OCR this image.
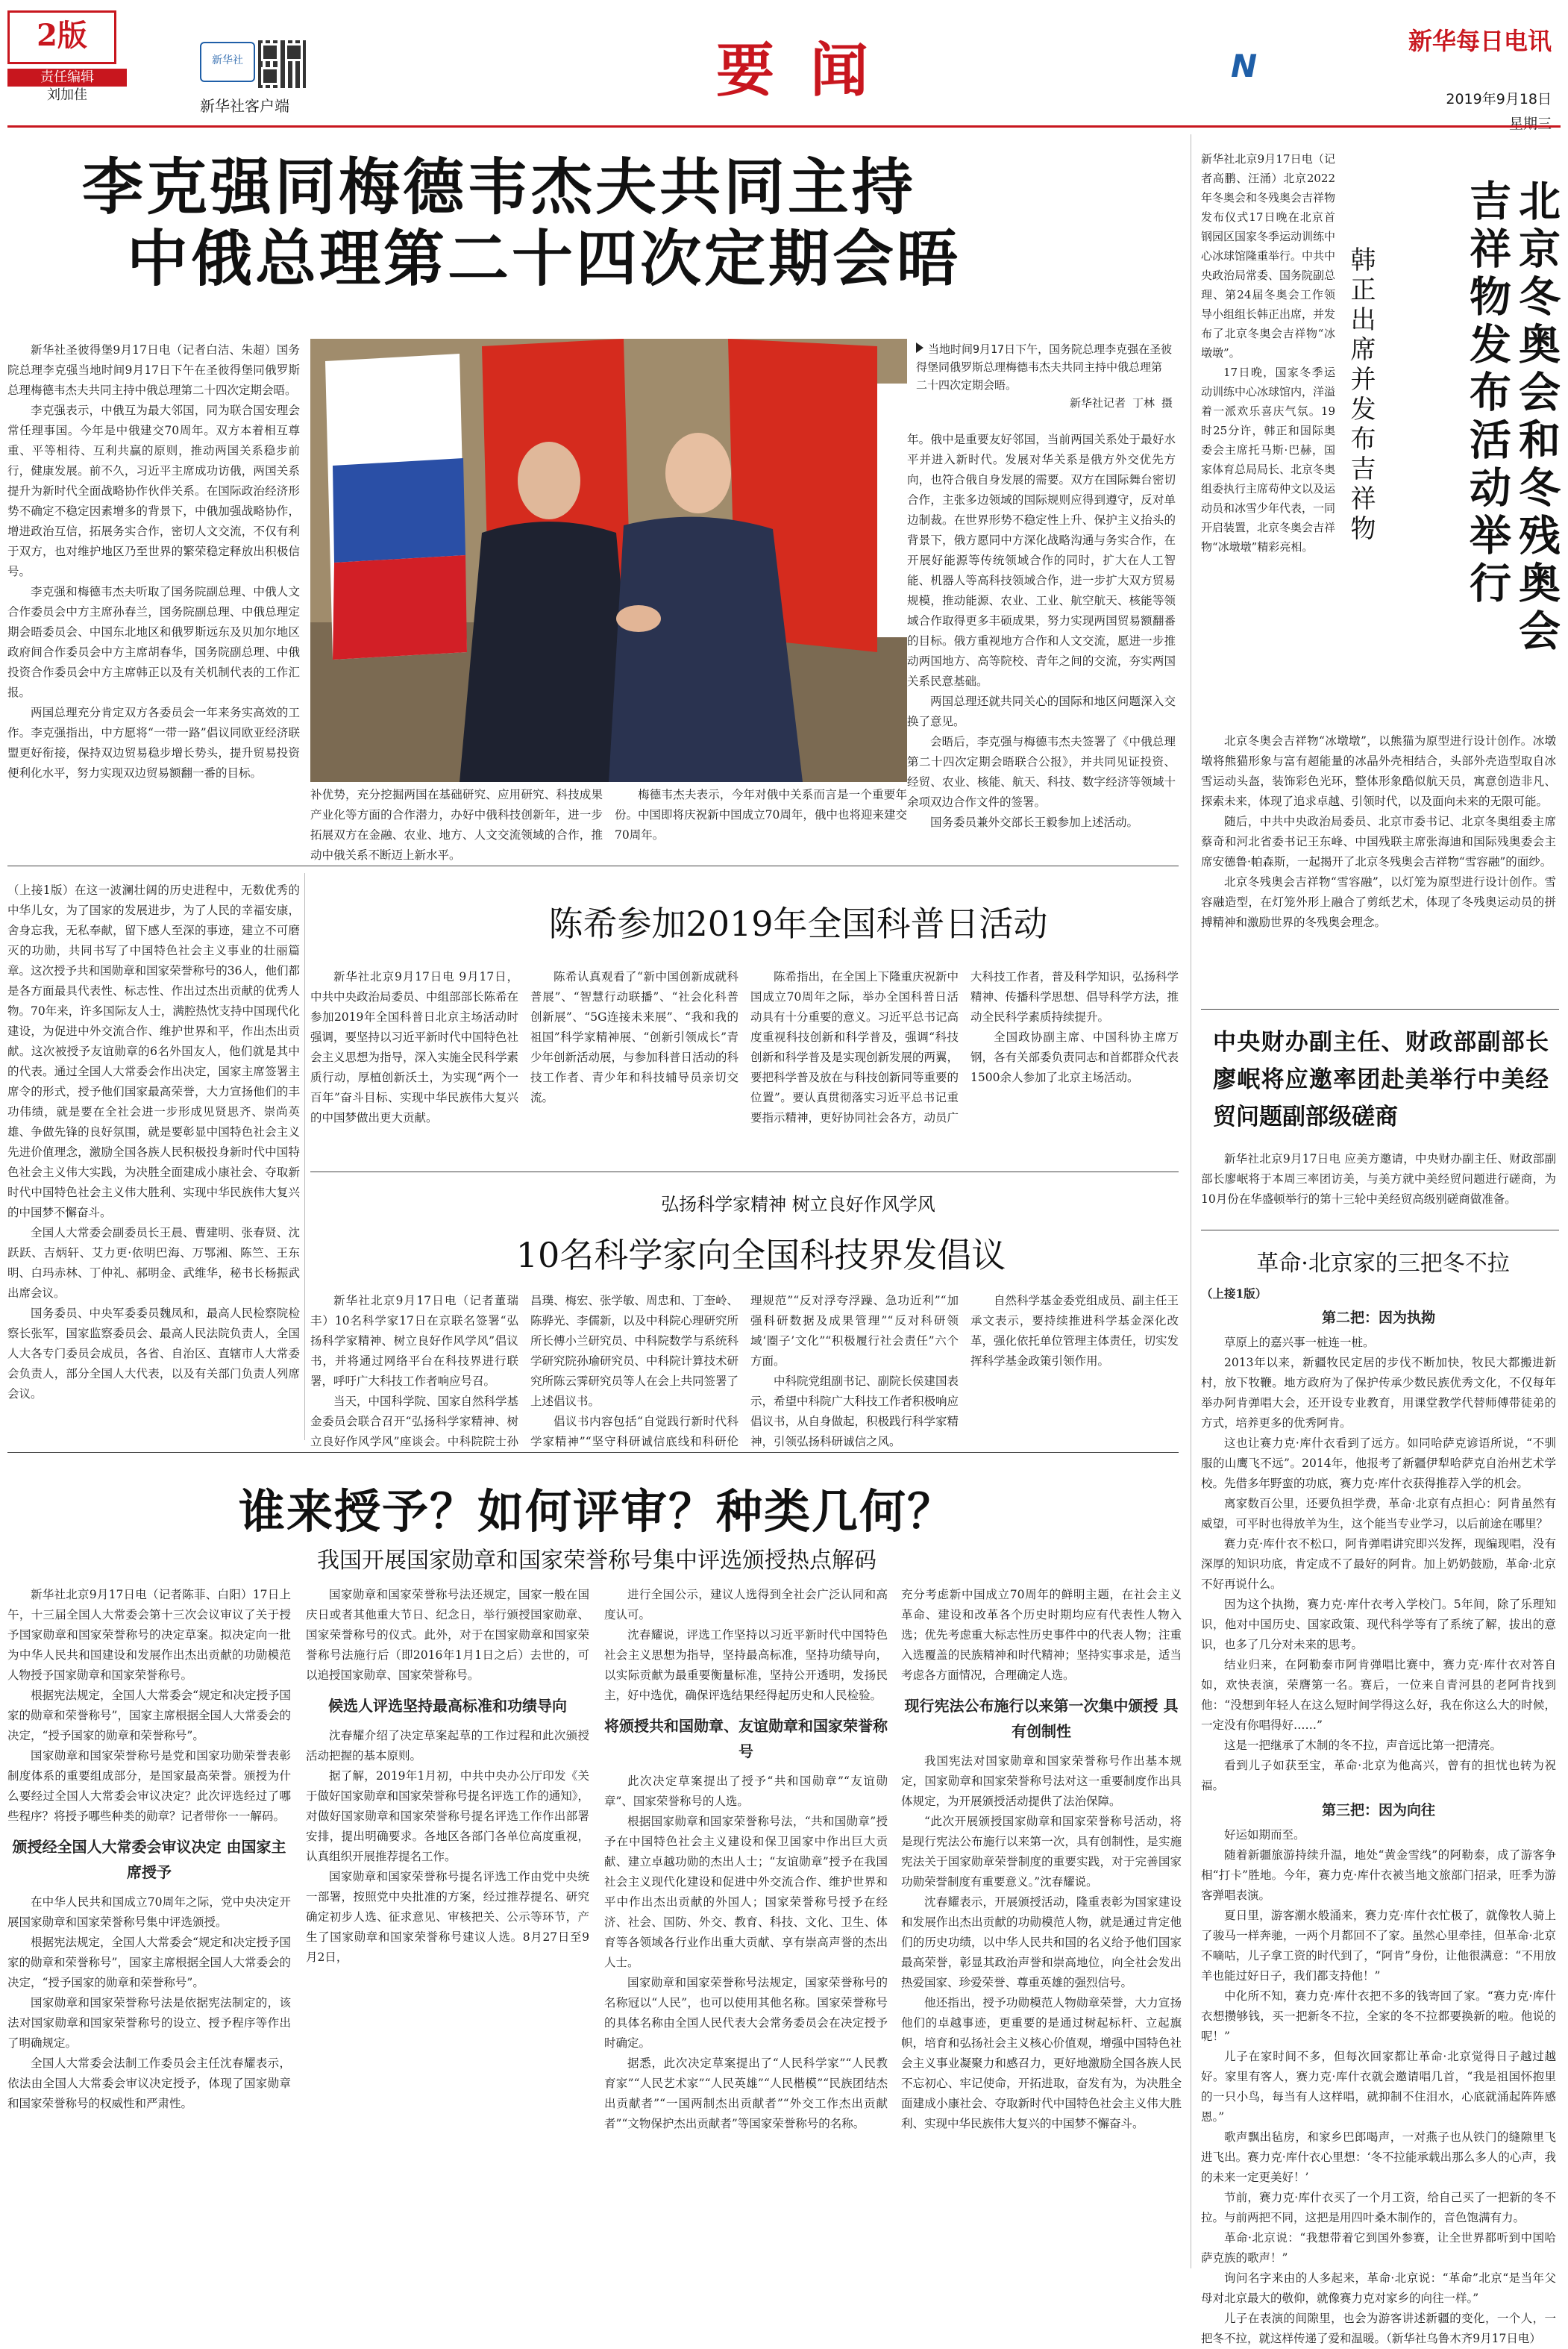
2版
责任编辑
刘加佳
新华社
新华社客户端
要闻	N
新华每日电讯
2019年9月18日
星期三
李克强同梅德韦杰夫共同主持
中俄总理第二十四次定期会晤
当地时间9月17日下午，国务院总理李克强在圣彼得堡同俄罗斯总理梅德韦杰夫共同主持中俄总理第二十四次定期会晤。
新华社记者 丁林 摄

新华社圣彼得堡9月17日电（记者白洁、朱超）国务院总理李克强当地时间9月17日下午在圣彼得堡同俄罗斯总理梅德韦杰夫共同主持中俄总理第二十四次定期会晤。

李克强表示，中俄互为最大邻国，同为联合国安理会常任理事国。今年是中俄建交70周年。双方本着相互尊重、平等相待、互利共赢的原则，推动两国关系稳步前行，健康发展。前不久，习近平主席成功访俄，两国关系提升为新时代全面战略协作伙伴关系。在国际政治经济形势不确定不稳定因素增多的背景下，中俄加强战略协作，增进政治互信，拓展务实合作，密切人文交流，不仅有利于双方，也对维护地区乃至世界的繁荣稳定释放出积极信号。

李克强和梅德韦杰夫听取了国务院副总理、中俄人文合作委员会中方主席孙春兰，国务院副总理、中俄总理定期会晤委员会、中国东北地区和俄罗斯远东及贝加尔地区政府间合作委员会中方主席胡春华，国务院副总理、中俄投资合作委员会中方主席韩正以及有关机制代表的工作汇报。

两国总理充分肯定双方各委员会一年来务实高效的工作。李克强指出，中方愿将“一带一路”倡议同欧亚经济联盟更好衔接，保持双边贸易稳步增长势头，提升贸易投资便利化水平，努力实现双边贸易额翻一番的目标。

补优势，充分挖掘两国在基础研究、应用研究、科技成果产业化等方面的合作潜力，办好中俄科技创新年，进一步拓展双方在金融、农业、地方、人文交流领域的合作，推动中俄关系不断迈上新水平。

梅德韦杰夫表示，今年对俄中关系而言是一个重要年份。中国即将庆祝新中国成立70周年，俄中也将迎来建交70周年。

年。俄中是重要友好邻国，当前两国关系处于最好水平并进入新时代。发展对华关系是俄方外交优先方向，也符合俄自身发展的需要。双方在国际舞台密切合作，主张多边领域的国际规则应得到遵守，反对单边制裁。在世界形势不稳定性上升、保护主义抬头的背景下，俄方愿同中方深化战略沟通与务实合作，在开展好能源等传统领域合作的同时，扩大在人工智能、机器人等高科技领域合作，进一步扩大双方贸易规模，推动能源、农业、工业、航空航天、核能等领域合作取得更多丰硕成果，努力实现两国贸易额翻番的目标。俄方重视地方合作和人文交流，愿进一步推动两国地方、高等院校、青年之间的交流，夯实两国关系民意基础。

两国总理还就共同关心的国际和地区问题深入交换了意见。

会晤后，李克强与梅德韦杰夫签署了《中俄总理第二十四次定期会晤联合公报》，并共同见证投资、经贸、农业、核能、航天、科技、数字经济等领域十余项双边合作文件的签署。

国务委员兼外交部长王毅参加上述活动。

新华社北京9月17日电（记者高鹏、汪涌）北京2022年冬奥会和冬残奥会吉祥物发布仪式17日晚在北京首钢园区国家冬季运动训练中心冰球馆隆重举行。中共中央政治局常委、国务院副总理、第24届冬奥会工作领导小组组长韩正出席，并发布了北京冬奥会吉祥物“冰墩墩”。

17日晚，国家冬季运动训练中心冰球馆内，洋溢着一派欢乐喜庆气氛。19时25分许，韩正和国际奥委会主席托马斯·巴赫，国家体育总局局长、北京冬奥组委执行主席苟仲文以及运动员和冰雪少年代表，一同开启装置，北京冬奥会吉祥物“冰墩墩”精彩亮相。	北京冬奥会和冬残奥会吉祥物发布活动举行
韩正出席并发布吉祥物

北京冬奥会吉祥物“冰墩墩”，以熊猫为原型进行设计创作。冰墩墩将熊猫形象与富有超能量的冰晶外壳相结合，头部外壳造型取自冰雪运动头盔，装饰彩色光环，整体形象酷似航天员，寓意创造非凡、探索未来，体现了追求卓越、引领时代，以及面向未来的无限可能。

随后，中共中央政治局委员、北京市委书记、北京冬奥组委主席蔡奇和河北省委书记王东峰、中国残联主席张海迪和国际残奥委会主席安德鲁·帕森斯，一起揭开了北京冬残奥会吉祥物“雪容融”的面纱。

北京冬残奥会吉祥物“雪容融”，以灯笼为原型进行设计创作。雪容融造型，在灯笼外形上融合了剪纸艺术，体现了冬残奥运动员的拼搏精神和激励世界的冬残奥会理念。

中央财办副主任、财政部副部长廖岷将应邀率团赴美举行中美经贸问题副部级磋商

新华社北京9月17日电 应美方邀请，中央财办副主任、财政部副部长廖岷将于本周三率团访美，与美方就中美经贸问题进行磋商，为10月份在华盛顿举行的第十三轮中美经贸高级别磋商做准备。

陈希参加2019年全国科普日活动

新华社北京9月17日电 9月17日，中共中央政治局委员、中组部部长陈希在参加2019年全国科普日北京主场活动时强调，要坚持以习近平新时代中国特色社会主义思想为指导，深入实施全民科学素质行动，厚植创新沃土，为实现“两个一百年”奋斗目标、实现中华民族伟大复兴的中国梦做出更大贡献。

陈希认真观看了“新中国创新成就科普展”、“智慧行动联播”、“社会化科普创新展”、“5G连接未来展”、“我和我的祖国”科学家精神展、“创新引领成长”青少年创新活动展，与参加科普日活动的科技工作者、青少年和科技辅导员亲切交流。

陈希指出，在全国上下隆重庆祝新中国成立70周年之际，举办全国科普日活动具有十分重要的意义。习近平总书记高度重视科技创新和科学普及，强调“科技创新和科学普及是实现创新发展的两翼，要把科学普及放在与科技创新同等重要的位置”。要认真贯彻落实习近平总书记重要指示精神，更好协同社会各方，动员广大科技工作者，普及科学知识，弘扬科学精神、传播科学思想、倡导科学方法，推动全民科学素质持续提升。

全国政协副主席、中国科协主席万钢，各有关部委负责同志和首都群众代表1500余人参加了北京主场活动。

（上接1版）在这一波澜壮阔的历史进程中，无数优秀的中华儿女，为了国家的发展进步，为了人民的幸福安康，舍身忘我，无私奉献，留下感人至深的事迹，建立不可磨灭的功勋，共同书写了中国特色社会主义事业的壮丽篇章。这次授予共和国勋章和国家荣誉称号的36人，他们都是各方面最具代表性、标志性、作出过杰出贡献的优秀人物。70年来，许多国际友人士，满腔热忱支持中国现代化建设，为促进中外交流合作、维护世界和平，作出杰出贡献。这次被授予友谊勋章的6名外国友人，他们就是其中的代表。通过全国人大常委会作出决定，国家主席签署主席令的形式，授予他们国家最高荣誉，大力宣扬他们的丰功伟绩，就是要在全社会进一步形成见贤思齐、崇尚英雄、争做先锋的良好氛围，就是要彰显中国特色社会主义先进价值理念，激励全国各族人民积极投身新时代中国特色社会主义伟大实践，为决胜全面建成小康社会、夺取新时代中国特色社会主义伟大胜利、实现中华民族伟大复兴的中国梦不懈奋斗。

全国人大常委会副委员长王晨、曹建明、张春贤、沈跃跃、吉炳轩、艾力更·依明巴海、万鄂湘、陈竺、王东明、白玛赤林、丁仲礼、郝明金、武维华，秘书长杨振武出席会议。

国务委员、中央军委委员魏凤和，最高人民检察院检察长张军，国家监察委员会、最高人民法院负责人，全国人大各专门委员会成员，各省、自治区、直辖市人大常委会负责人，部分全国人大代表，以及有关部门负责人列席会议。

弘扬科学家精神 树立良好作风学风
10名科学家向全国科技界发倡议

新华社北京9月17日电（记者董瑞丰）10名科学家17日在京联名签署“弘扬科学家精神、树立良好作风学风”倡议书，并将通过网络平台在科技界进行联署，呼吁广大科技工作者响应号召。

当天，中国科学院、国家自然科学基金委员会联合召开“弘扬科学家精神、树立良好作风学风”座谈会。中科院院士孙昌璞、梅宏、张学敏、周忠和、丁奎岭、陈骅光、李儒新，以及中科院心理研究所所长傅小兰研究员、中科院数学与系统科学研究院孙瑜研究员、中科院计算技术研究所陈云霁研究员等人在会上共同签署了上述倡议书。

倡议书内容包括“自觉践行新时代科学家精神”“坚守科研诚信底线和科研伦理规范”“反对浮夸浮躁、急功近利”“加强科研数据及成果管理”“反对科研领域‘圈子’文化”“积极履行社会责任”六个方面。

中科院党组副书记、副院长侯建国表示，希望中科院广大科技工作者积极响应倡议书，从自身做起，积极践行科学家精神，引领弘扬科研诚信之风。

自然科学基金委党组成员、副主任王承文表示，要持续推进科学基金深化改革，强化依托单位管理主体责任，切实发挥科学基金政策引领作用。

革命·北京家的三把冬不拉

（上接1版）

第二把：因为执拗

草原上的嘉兴事一桩连一桩。

2013年以来，新疆牧民定居的步伐不断加快，牧民大都搬进新村，放下牧鞭。地方政府为了保护传承少数民族优秀文化，不仅每年举办阿肯弹唱大会，还开设专业教育，用课堂教学代替师傅带徒弟的方式，培养更多的优秀阿肯。

这也让赛力克·库什衣看到了远方。如同哈萨克谚语所说，“不驯服的山鹰飞不远”。2014年，他报考了新疆伊犁哈萨克自治州艺术学校。先借多年野蛮的功底，赛力克·库什衣获得推荐入学的机会。

离家数百公里，还要负担学费，革命·北京有点担心：阿肯虽然有威望，可平时也得放羊为生，这个能当专业学习，以后前途在哪里？

赛力克·库什衣不松口，阿肯弹唱讲究即兴发挥，现编现唱，没有深厚的知识功底，肯定成不了最好的阿肯。加上奶奶鼓励，革命·北京不好再说什么。

因为这个执拗，赛力克·库什衣考入学校门。5年间，除了乐理知识，他对中国历史、国家政策、现代科学等有了系统了解，拔出的意识，也多了几分对未来的思考。

结业归来，在阿勒泰市阿肯弹唱比赛中，赛力克·库什衣对答自如，欢快表演，荣膺第一名。赛后，一位来自青河县的老阿肯找到他：“没想到年轻人在这么短时间学得这么好，我在你这么大的时候，一定没有你唱得好……”

这是一把继承了木制的冬不拉，声音远比第一把清亮。

看到儿子如获至宝，革命·北京为他高兴，曾有的担忧也转为祝福。

第三把：因为向往

好运如期而至。

随着新疆旅游持续升温，地处“黄金雪线”的阿勒泰，成了游客争相“打卡”胜地。今年，赛力克·库什衣被当地文旅部门招录，旺季为游客弹唱表演。

夏日里，游客潮水般涌来，赛力克·库什衣忙极了，就像牧人骑上了骏马一样奔驰，一两个月都回不了家。虽然心里牵挂，但革命·北京不嘀咕，儿子拿工资的时代到了，“阿肯”身份，让他很满意：“不用放羊也能过好日子，我们都支持他！”

中化所不知，赛力克·库什衣把不多的钱寄回了家。“赛力克·库什衣想攒够钱，买一把新冬不拉，全家的冬不拉都要换新的啦。他说的呢！”

儿子在家时间不多，但每次回家都让革命·北京觉得日子越过越好。家里有客人，赛力克·库什衣就会邀请唱几首，“我是祖国怀抱里的一只小鸟，每当有人这样唱，就抑制不住泪水，心底就涌起阵阵感恩。”

歌声飘出毡房，和家乡巴郎喝声，一对燕子也从铁门的缝隙里飞进飞出。赛力克·库什衣心里想：‘冬不拉能承载出那么多人的心声，我的未来一定更美好！’

节前，赛力克·库什衣买了一个月工资，给自己买了一把新的冬不拉。与前两把不同，这把是用四叶桑木制作的，音色饱满有力。

革命·北京说：“我想带着它到国外参赛，让全世界都听到中国哈萨克族的歌声！”

询问名字来由的人多起来，革命·北京说：“革命”北京“是当年父母对北京最大的敬仰，就像赛力克对家乡的向往一样。”

儿子在表演的间隙里，也会为游客讲述新疆的变化，一个人，一把冬不拉，就这样传递了爱和温暖。（新华社乌鲁木齐9月17日电）

谁来授予？如何评审？种类几何？
我国开展国家勋章和国家荣誉称号集中评选颁授热点解码

新华社北京9月17日电（记者陈菲、白阳）17日上午，十三届全国人大常委会第十三次会议审议了关于授予国家勋章和国家荣誉称号的决定草案。拟决定向一批为中华人民共和国建设和发展作出杰出贡献的功勋模范人物授予国家勋章和国家荣誉称号。

根据宪法规定，全国人大常委会“规定和决定授予国家的勋章和荣誉称号”，国家主席根据全国人大常委会的决定，“授予国家的勋章和荣誉称号”。

国家勋章和国家荣誉称号是党和国家功勋荣誉表彰制度体系的重要组成部分，是国家最高荣誉。颁授为什么要经过全国人大常委会审议决定？此次评选经过了哪些程序？将授予哪些种类的勋章？记者带你一一解码。

颁授经全国人大常委会审议决定 由国家主席授予

在中华人民共和国成立70周年之际，党中央决定开展国家勋章和国家荣誉称号集中评选颁授。

根据宪法规定，全国人大常委会“规定和决定授予国家的勋章和荣誉称号”，国家主席根据全国人大常委会的决定，“授予国家的勋章和荣誉称号”。

国家勋章和国家荣誉称号法是依据宪法制定的，该法对国家勋章和国家荣誉称号的设立、授予程序等作出了明确规定。

全国人大常委会法制工作委员会主任沈春耀表示，依法由全国人大常委会审议决定授予，体现了国家勋章和国家荣誉称号的权威性和严肃性。

国家勋章和国家荣誉称号法还规定，国家一般在国庆日或者其他重大节日、纪念日，举行颁授国家勋章、国家荣誉称号的仪式。此外，对于在国家勋章和国家荣誉称号法施行后（即2016年1月1日之后）去世的，可以追授国家勋章、国家荣誉称号。

候选人评选坚持最高标准和功绩导向

沈春耀介绍了决定草案起草的工作过程和此次颁授活动把握的基本原则。

据了解，2019年1月初，中共中央办公厅印发《关于做好国家勋章和国家荣誉称号提名评选工作的通知》，对做好国家勋章和国家荣誉称号提名评选工作作出部署安排，提出明确要求。各地区各部门各单位高度重视，认真组织开展推荐提名工作。

国家勋章和国家荣誉称号提名评选工作由党中央统一部署，按照党中央批准的方案，经过推荐提名、研究确定初步人选、征求意见、审核把关、公示等环节，产生了国家勋章和国家荣誉称号建议人选。8月27日至9月2日，

进行全国公示，建议人选得到全社会广泛认同和高度认可。

沈春耀说，评选工作坚持以习近平新时代中国特色社会主义思想为指导，坚持最高标准，坚持功绩导向，以实际贡献为最重要衡量标准，坚持公开透明，发扬民主，好中选优，确保评选结果经得起历史和人民检验。

将颁授共和国勋章、友谊勋章和国家荣誉称号

此次决定草案提出了授予“共和国勋章”“友谊勋章”、国家荣誉称号的人选。

根据国家勋章和国家荣誉称号法，“共和国勋章”授予在中国特色社会主义建设和保卫国家中作出巨大贡献、建立卓越功勋的杰出人士；“友谊勋章”授予在我国社会主义现代化建设和促进中外交流合作、维护世界和平中作出杰出贡献的外国人；国家荣誉称号授予在经济、社会、国防、外交、教育、科技、文化、卫生、体育等各领域各行业作出重大贡献、享有崇高声誉的杰出人士。

国家勋章和国家荣誉称号法规定，国家荣誉称号的名称冠以“人民”，也可以使用其他名称。国家荣誉称号的具体名称由全国人民代表大会常务委员会在决定授予时确定。

据悉，此次决定草案提出了“人民科学家”“人民教育家”“人民艺术家”“人民英雄”“人民楷模”“民族团结杰出贡献者”“一国两制杰出贡献者”“外交工作杰出贡献者”“文物保护杰出贡献者”等国家荣誉称号的名称。

充分考虑新中国成立70周年的鲜明主题，在社会主义革命、建设和改革各个历史时期均应有代表性人物入选；优先考虑重大标志性历史事件中的代表人物；注重入选覆盖的民族精神和时代精神；坚持实事求是，适当考虑各方面情况，合理确定人选。

现行宪法公布施行以来第一次集中颁授 具有创制性

我国宪法对国家勋章和国家荣誉称号作出基本规定，国家勋章和国家荣誉称号法对这一重要制度作出具体规定，为开展颁授活动提供了法治保障。

“此次开展颁授国家勋章和国家荣誉称号活动，将是现行宪法公布施行以来第一次，具有创制性，是实施宪法关于国家勋章荣誉制度的重要实践，对于完善国家功勋荣誉制度有重要意义。”沈春耀说。

沈春耀表示，开展颁授活动，隆重表彰为国家建设和发展作出杰出贡献的功勋模范人物，就是通过肯定他们的历史功绩，以中华人民共和国的名义给予他们国家最高荣誉，彰显其政治声誉和崇高地位，向全社会发出热爱国家、珍爱荣誉、尊重英雄的强烈信号。

他还指出，授予功勋模范人物勋章荣誉，大力宣扬他们的卓越事迹，更重要的是通过树起标杆、立起旗帜，培育和弘扬社会主义核心价值观，增强中国特色社会主义事业凝聚力和感召力，更好地激励全国各族人民不忘初心、牢记使命，开拓进取，奋发有为，为决胜全面建成小康社会、夺取新时代中国特色社会主义伟大胜利、实现中华民族伟大复兴的中国梦不懈奋斗。
